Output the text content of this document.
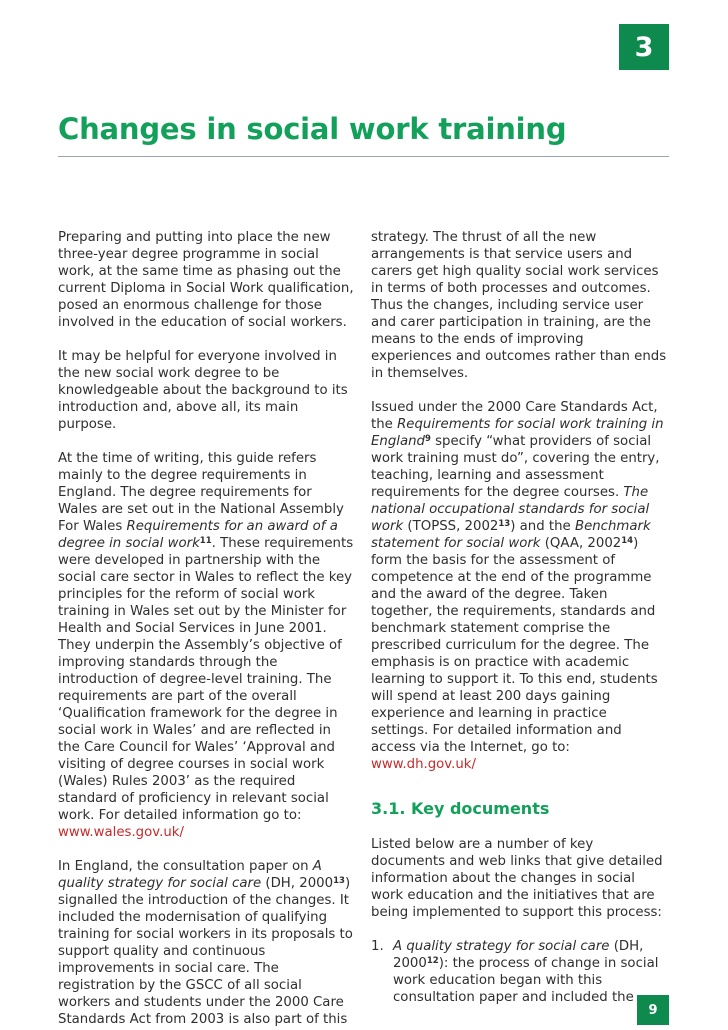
3
Changes in social work training

Preparing and putting into place the new three-year degree programme in social work, at the same time as phasing out the current Diploma in Social Work qualification, posed an enormous challenge for those involved in the education of social workers.

It may be helpful for everyone involved in the new social work degree to be knowledgeable about the background to its introduction and, above all, its main purpose.

At the time of writing, this guide refers mainly to the degree requirements in England. The degree requirements for Wales are set out in the National Assembly For Wales Requirements for an award of a degree in social work$^{11}$. These requirements were developed in partnership with the social care sector in Wales to reflect the key principles for the reform of social work training in Wales set out by the Minister for Health and Social Services in June 2001. They underpin the Assembly’s objective of improving standards through the introduction of degree-level training. The requirements are part of the overall ‘Qualification framework for the degree in social work in Wales’ and are reflected in the Care Council for Wales’ ‘Approval and visiting of degree courses in social work (Wales) Rules 2003’ as the required standard of proficiency in relevant social work. For detailed information go to: www.wales.gov.uk/

In England, the consultation paper on A quality strategy for social care (DH, 2000$^{13}$) signalled the introduction of the changes. It included the modernisation of qualifying training for social workers in its proposals to support quality and continuous improvements in social care. The registration by the GSCC of all social workers and students under the 2000 Care Standards Act from 2003 is also part of this

strategy. The thrust of all the new arrangements is that service users and carers get high quality social work services in terms of both processes and outcomes. Thus the changes, including service user and carer participation in training, are the means to the ends of improving experiences and outcomes rather than ends in themselves.

Issued under the 2000 Care Standards Act, the Requirements for social work training in England$^9$ specify “what providers of social work training must do”, covering the entry, teaching, learning and assessment requirements for the degree courses. The national occupational standards for social work (TOPSS, 2002$^{13}$) and the Benchmark statement for social work (QAA, 2002$^{14}$) form the basis for the assessment of competence at the end of the programme and the award of the degree. Taken together, the requirements, standards and benchmark statement comprise the prescribed curriculum for the degree. The emphasis is on practice with academic learning to support it. To this end, students will spend at least 200 days gaining experience and learning in practice settings. For detailed information and access via the Internet, go to: www.dh.gov.uk/

3.1. Key documents

Listed below are a number of key documents and web links that give detailed information about the changes in social work education and the initiatives that are being implemented to support this process:

1. A quality strategy for social care (DH, 2000$^{12}$): the process of change in social work education began with this consultation paper and included the
9
